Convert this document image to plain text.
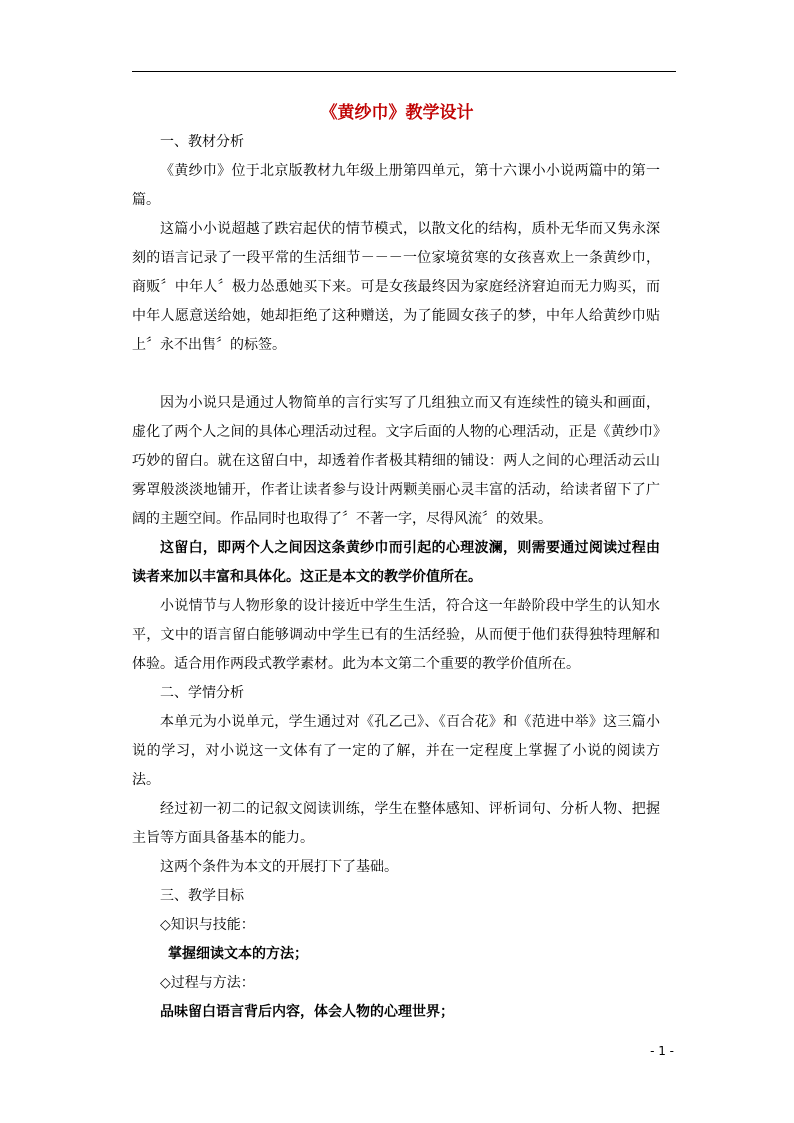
《黄纱巾》教学设计

一、教材分析

《黄纱巾》位于北京版教材九年级上册第四单元，第十六课小小说两篇中的第一篇。

这篇小小说超越了跌宕起伏的情节模式，以散文化的结构，质朴无华而又隽永深刻的语言记录了一段平常的生活细节－－－一位家境贫寒的女孩喜欢上一条黄纱巾，商贩〞中年人〞极力怂恿她买下来。可是女孩最终因为家庭经济窘迫而无力购买，而中年人愿意送给她，她却拒绝了这种赠送，为了能圆女孩子的梦，中年人给黄纱巾贴上〞永不出售〞的标签。

因为小说只是通过人物简单的言行实写了几组独立而又有连续性的镜头和画面，虚化了两个人之间的具体心理活动过程。文字后面的人物的心理活动，正是《黄纱巾》巧妙的留白。就在这留白中，却透着作者极其精细的铺设：两人之间的心理活动云山雾罩般淡淡地铺开，作者让读者参与设计两颗美丽心灵丰富的活动，给读者留下了广阔的主题空间。作品同时也取得了〞不著一字，尽得风流〞的效果。

这留白，即两个人之间因这条黄纱巾而引起的心理波澜，则需要通过阅读过程由读者来加以丰富和具体化。这正是本文的教学价值所在。

小说情节与人物形象的设计接近中学生生活，符合这一年龄阶段中学生的认知水平，文中的语言留白能够调动中学生已有的生活经验，从而便于他们获得独特理解和体验。适合用作两段式教学素材。此为本文第二个重要的教学价值所在。

二、学情分析

本单元为小说单元，学生通过对《孔乙己》、《百合花》和《范进中举》这三篇小说的学习，对小说这一文体有了一定的了解，并在一定程度上掌握了小说的阅读方法。

经过初一初二的记叙文阅读训练，学生在整体感知、评析词句、分析人物、把握主旨等方面具备基本的能力。

这两个条件为本文的开展打下了基础。

三、教学目标

◇知识与技能：

掌握细读文本的方法；

◇过程与方法：

品味留白语言背后内容，体会人物的心理世界；

- 1 -
